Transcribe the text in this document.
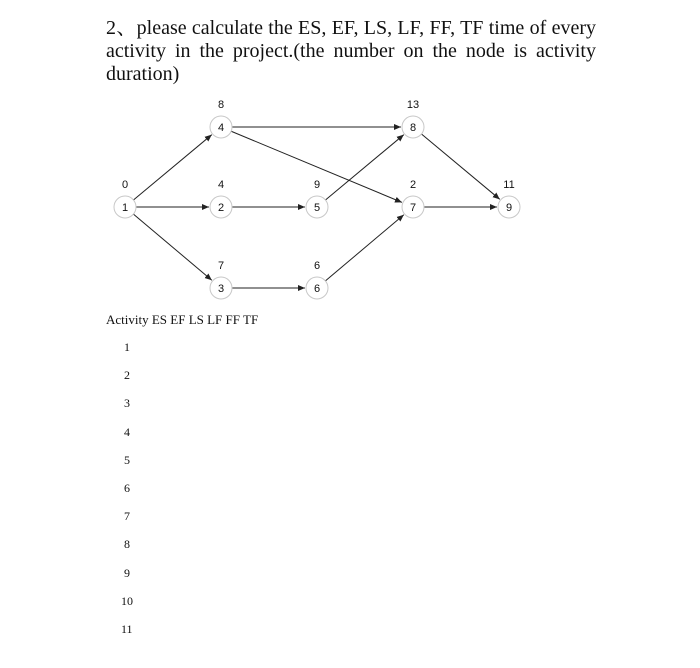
2、please calculate the ES, EF, LS, LF, FF, TF time of every activity in the project.(the number on the node is activity duration)
1
0
2
4
3
7
4
8
5
9
6
6
7
2
8
13
9
11
Activity ES EF LS LF FF TF
1
2
3
4
5
6
7
8
9
10
11
